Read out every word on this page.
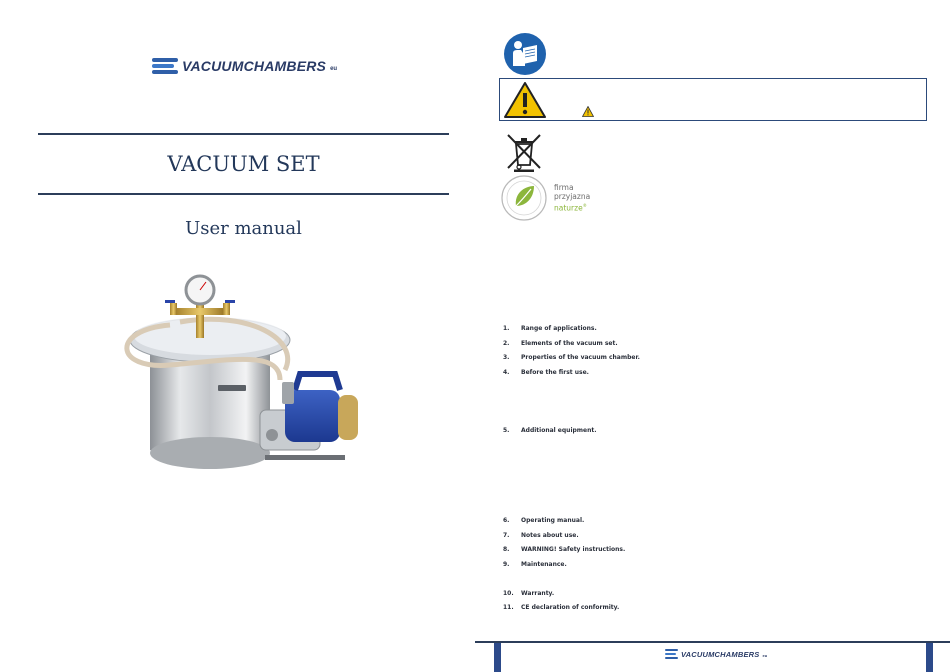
VACUUMCHAMBERS eu
VACUUM SET
User manual
firma
przyjazna
naturze®
1. Range of applications.
2. Elements of the vacuum set.
3. Properties of the vacuum chamber.
4. Before the first use.
5. Additional equipment.
6. Operating manual.
7. Notes about use.
8. WARNING! Safety instructions.
9. Maintenance.
10. Warranty.
11. CE declaration of conformity.
VACUUMCHAMBERS eu
